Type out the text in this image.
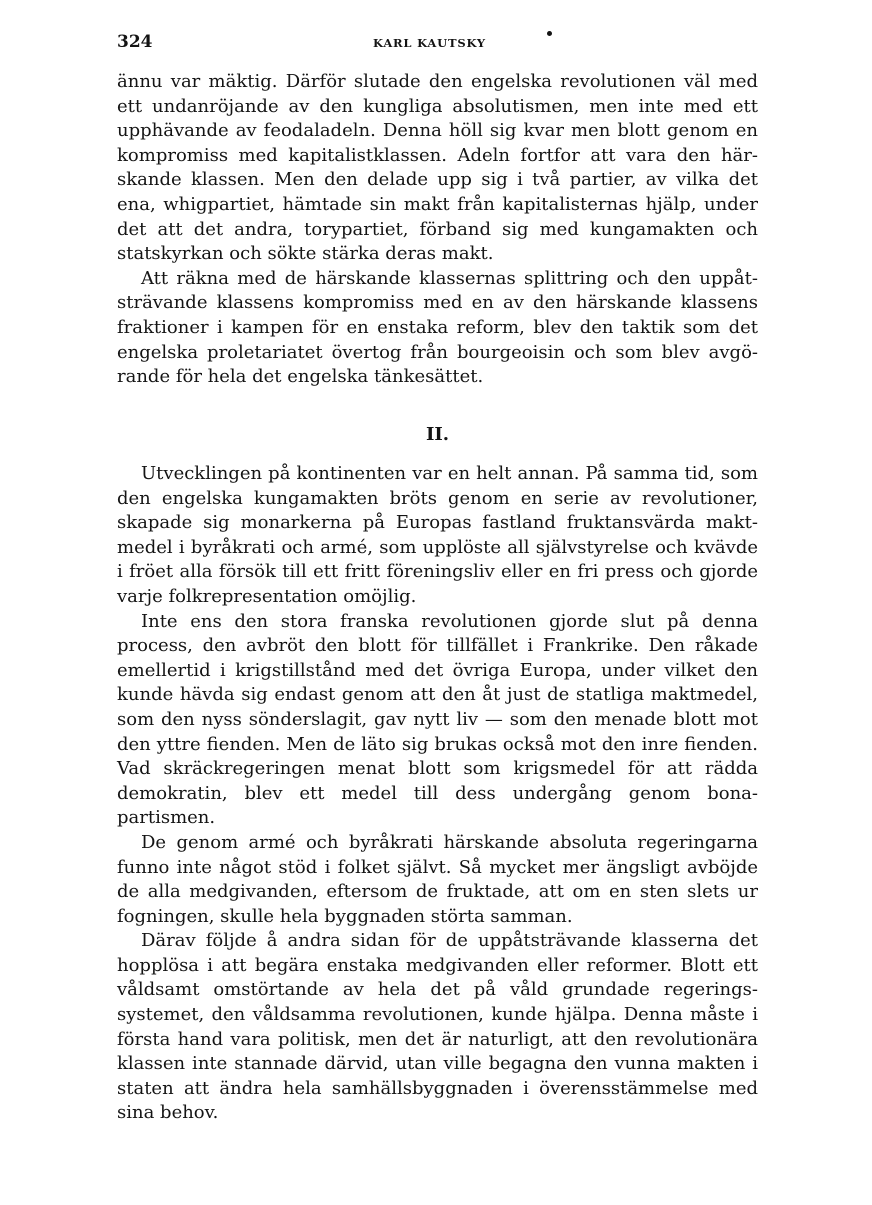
324	KARL KAUTSKY

ännu var mäktig. Därför slutade den engelska revolutionen väl med ett undanröjande av den kungliga absolutismen, men inte med ett upphävande av feodaladeln. Denna höll sig kvar men blott genom en kompromiss med kapitalistklassen. Adeln fortfor att vara den härskande klassen. Men den delade upp sig i två partier, av vilka det ena, whigpartiet, hämtade sin makt från kapitalisternas hjälp, under det att det andra, torypartiet, förband sig med kungamakten och statskyrkan och sökte stärka deras makt.

Att räkna med de härskande klassernas splittring och den uppåtsträvande klassens kompromiss med en av den härskande klassens fraktioner i kampen för en enstaka reform, blev den taktik som det engelska proletariatet övertog från bourgeoisin och som blev avgörande för hela det engelska tänkesättet.

II.

Utvecklingen på kontinenten var en helt annan. På samma tid, som den engelska kungamakten bröts genom en serie av revolutioner, skapade sig monarkerna på Europas fastland fruktansvärda maktmedel i byråkrati och armé, som upplöste all självstyrelse och kvävde i fröet alla försök till ett fritt föreningsliv eller en fri press och gjorde varje folkrepresentation omöjlig.

Inte ens den stora franska revolutionen gjorde slut på denna process, den avbröt den blott för tillfället i Frankrike. Den råkade emellertid i krigstillstånd med det övriga Europa, under vilket den kunde hävda sig endast genom att den åt just de statliga maktmedel, som den nyss sönderslagit, gav nytt liv — som den menade blott mot den yttre fienden. Men de läto sig brukas också mot den inre fienden. Vad skräckregeringen menat blott som krigsmedel för att rädda demokratin, blev ett medel till dess undergång genom bonapartismen.

De genom armé och byråkrati härskande absoluta regeringarna funno inte något stöd i folket självt. Så mycket mer ängsligt avböjde de alla medgivanden, eftersom de fruktade, att om en sten slets ur fogningen, skulle hela byggnaden störta samman.

Därav följde å andra sidan för de uppåtsträvande klasserna det hopplösa i att begära enstaka medgivanden eller reformer. Blott ett våldsamt omstörtande av hela det på våld grundade regeringssystemet, den våldsamma revolutionen, kunde hjälpa. Denna måste i första hand vara politisk, men det är naturligt, att den revolutionära klassen inte stannade därvid, utan ville begagna den vunna makten i staten att ändra hela samhällsbyggnaden i överensstämmelse med sina behov.
